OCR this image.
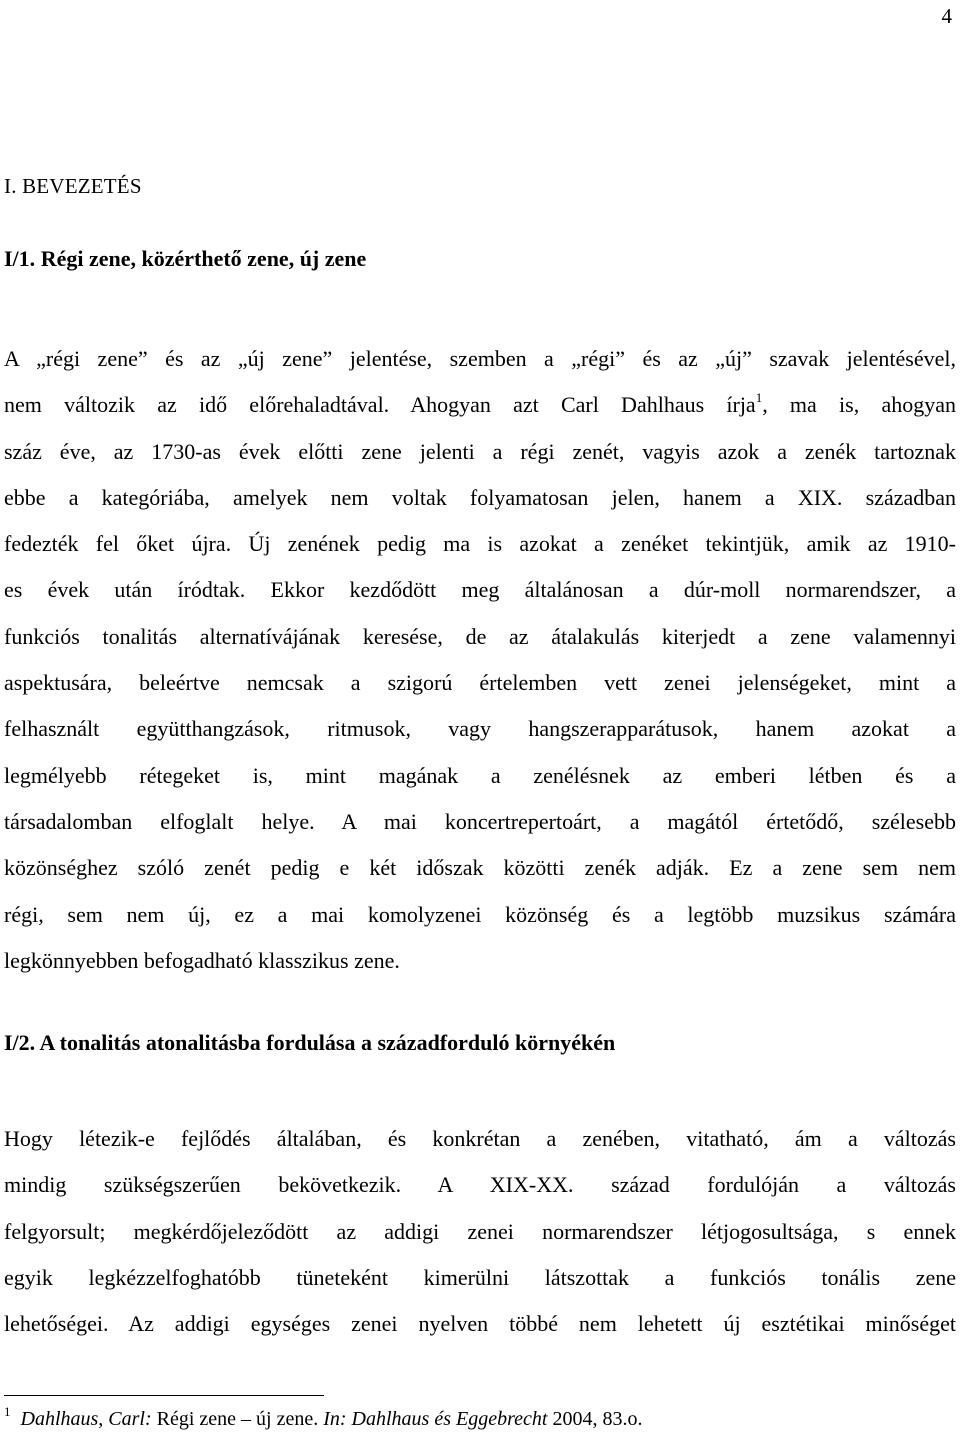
4
I. BEVEZETÉS
I/1. Régi zene, közérthető zene, új zene
A „régi zene” és az „új zene” jelentése, szemben a „régi” és az „új” szavak jelentésével,
nem változik az idő előrehaladtával. Ahogyan azt Carl Dahlhaus írja$^1$, ma is, ahogyan
száz éve, az 1730-as évek előtti zene jelenti a régi zenét, vagyis azok a zenék tartoznak
ebbe a kategóriába, amelyek nem voltak folyamatosan jelen, hanem a XIX. században
fedezték fel őket újra. Új zenének pedig ma is azokat a zenéket tekintjük, amik az 1910-
es évek után íródtak. Ekkor kezdődött meg általánosan a dúr-moll normarendszer, a
funkciós tonalitás alternatívájának keresése, de az átalakulás kiterjedt a zene valamennyi
aspektusára, beleértve nemcsak a szigorú értelemben vett zenei jelenségeket, mint a
felhasznált együtthangzások, ritmusok, vagy hangszerapparátusok, hanem azokat a
legmélyebb rétegeket is, mint magának a zenélésnek az emberi létben és a
társadalomban elfoglalt helye. A mai koncertrepertoárt, a magától értetődő, szélesebb
közönséghez szóló zenét pedig e két időszak közötti zenék adják. Ez a zene sem nem
régi, sem nem új, ez a mai komolyzenei közönség és a legtöbb muzsikus számára
legkönnyebben befogadható klasszikus zene.
I/2. A tonalitás atonalitásba fordulása a századforduló környékén
Hogy létezik-e fejlődés általában, és konkrétan a zenében, vitatható, ám a változás
mindig szükségszerűen bekövetkezik. A XIX-XX. század fordulóján a változás
felgyorsult; megkérdőjeleződött az addigi zenei normarendszer létjogosultsága, s ennek
egyik legkézzelfoghatóbb tüneteként kimerülni látszottak a funkciós tonális zene
lehetőségei. Az addigi egységes zenei nyelven többé nem lehetett új esztétikai minőséget
$^1$ Dahlhaus, Carl: Régi zene – új zene. In: Dahlhaus és Eggebrecht 2004, 83.o.
